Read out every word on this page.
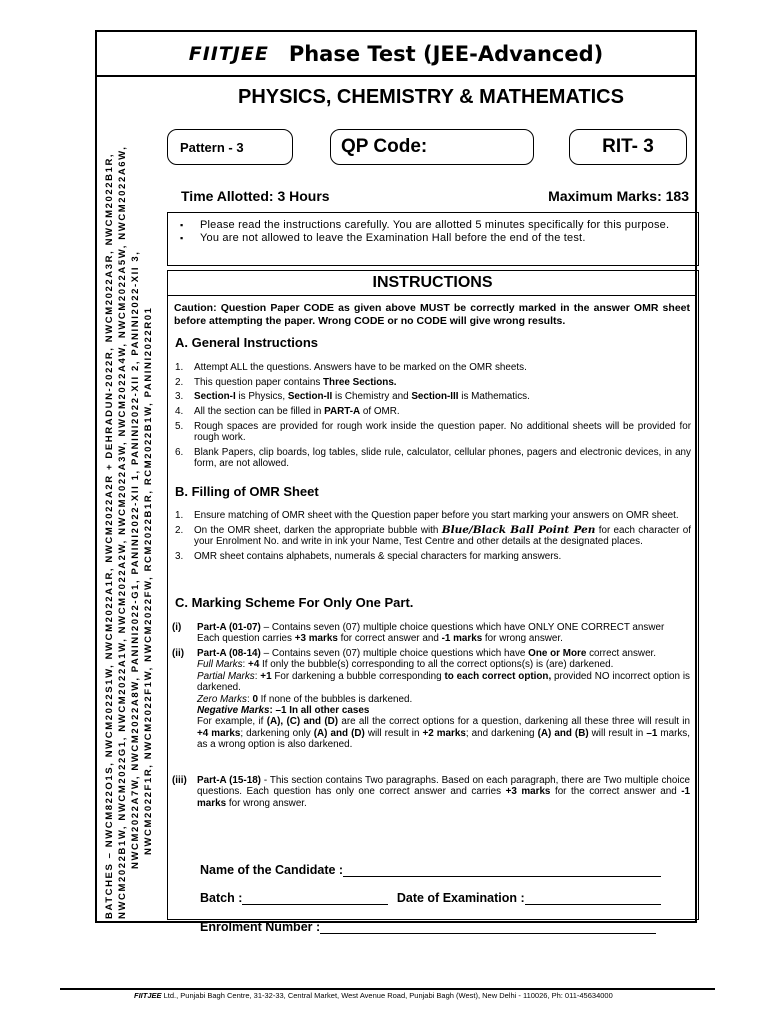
FIITJEE Phase Test (JEE-Advanced)
PHYSICS, CHEMISTRY & MATHEMATICS
Pattern - 3	QP Code:	RIT- 3
Time Allotted: 3 Hours	Maximum Marks: 183
▪ Please read the instructions carefully. You are allotted 5 minutes specifically for this purpose.
▪ You are not allowed to leave the Examination Hall before the end of the test.
INSTRUCTIONS
Caution: Question Paper CODE as given above MUST be correctly marked in the answer OMR sheet before attempting the paper. Wrong CODE or no CODE will give wrong results.
A. General Instructions
1. Attempt ALL the questions. Answers have to be marked on the OMR sheets.
2. This question paper contains Three Sections.
3. Section-I is Physics, Section-II is Chemistry and Section-III is Mathematics.
4. All the section can be filled in PART-A of OMR.
5. Rough spaces are provided for rough work inside the question paper. No additional sheets will be provided for rough work.
6. Blank Papers, clip boards, log tables, slide rule, calculator, cellular phones, pagers and electronic devices, in any form, are not allowed.
B. Filling of OMR Sheet
1. Ensure matching of OMR sheet with the Question paper before you start marking your answers on OMR sheet.
2. On the OMR sheet, darken the appropriate bubble with Blue/Black Ball Point Pen for each character of your Enrolment No. and write in ink your Name, Test Centre and other details at the designated places.
3. OMR sheet contains alphabets, numerals & special characters for marking answers.
C. Marking Scheme For Only One Part.
(i) Part-A (01-07) – Contains seven (07) multiple choice questions which have ONLY ONE CORRECT answer
Each question carries +3 marks for correct answer and -1 marks for wrong answer.
(ii) Part-A (08-14) – Contains seven (07) multiple choice questions which have One or More correct answer.
Full Marks: +4 If only the bubble(s) corresponding to all the correct options(s) is (are) darkened.
Partial Marks: +1 For darkening a bubble corresponding to each correct option, provided NO incorrect option is darkened.
Zero Marks: 0 If none of the bubbles is darkened.
Negative Marks: –1 In all other cases
For example, if (A), (C) and (D) are all the correct options for a question, darkening all these three will result in +4 marks; darkening only (A) and (D) will result in +2 marks; and darkening (A) and (B) will result in –1 marks, as a wrong option is also darkened.
(iii) Part-A (15-18) - This section contains Two paragraphs. Based on each paragraph, there are Two multiple choice questions. Each question has only one correct answer and carries +3 marks for the correct answer and -1 marks for wrong answer.
Name of the Candidate :
Batch :	Date of Examination :
Enrolment Number :
BATCHES – NWCM822O1S, NWCM2022S1W, NWCM2022A1R, NWCM2022A2R + DEHRADUN-2022R, NWCM2022A3R, NWCM2022B1R, NWCM2022B1W, NWCM2022G1, NWCM2022A1W, NWCM2022A2W, NWCM2022A3W, NWCM2022A4W, NWCM2022A5W, NWCM2022A6W, NWCM2022A7W, NWCM2022A8W, PANINI2022-G1, PANINI2022-XII 1, PANINI2022-XII 2, PANINI2022-XII 3, NWCM2022F1R, NWCM2022F1W, NWCM2022FW, RCM2022B1R, RCM2022B1W, PANINI2022R01
FIITJEE Ltd., Punjabi Bagh Centre, 31-32-33, Central Market, West Avenue Road, Punjabi Bagh (West), New Delhi - 110026, Ph: 011-45634000
